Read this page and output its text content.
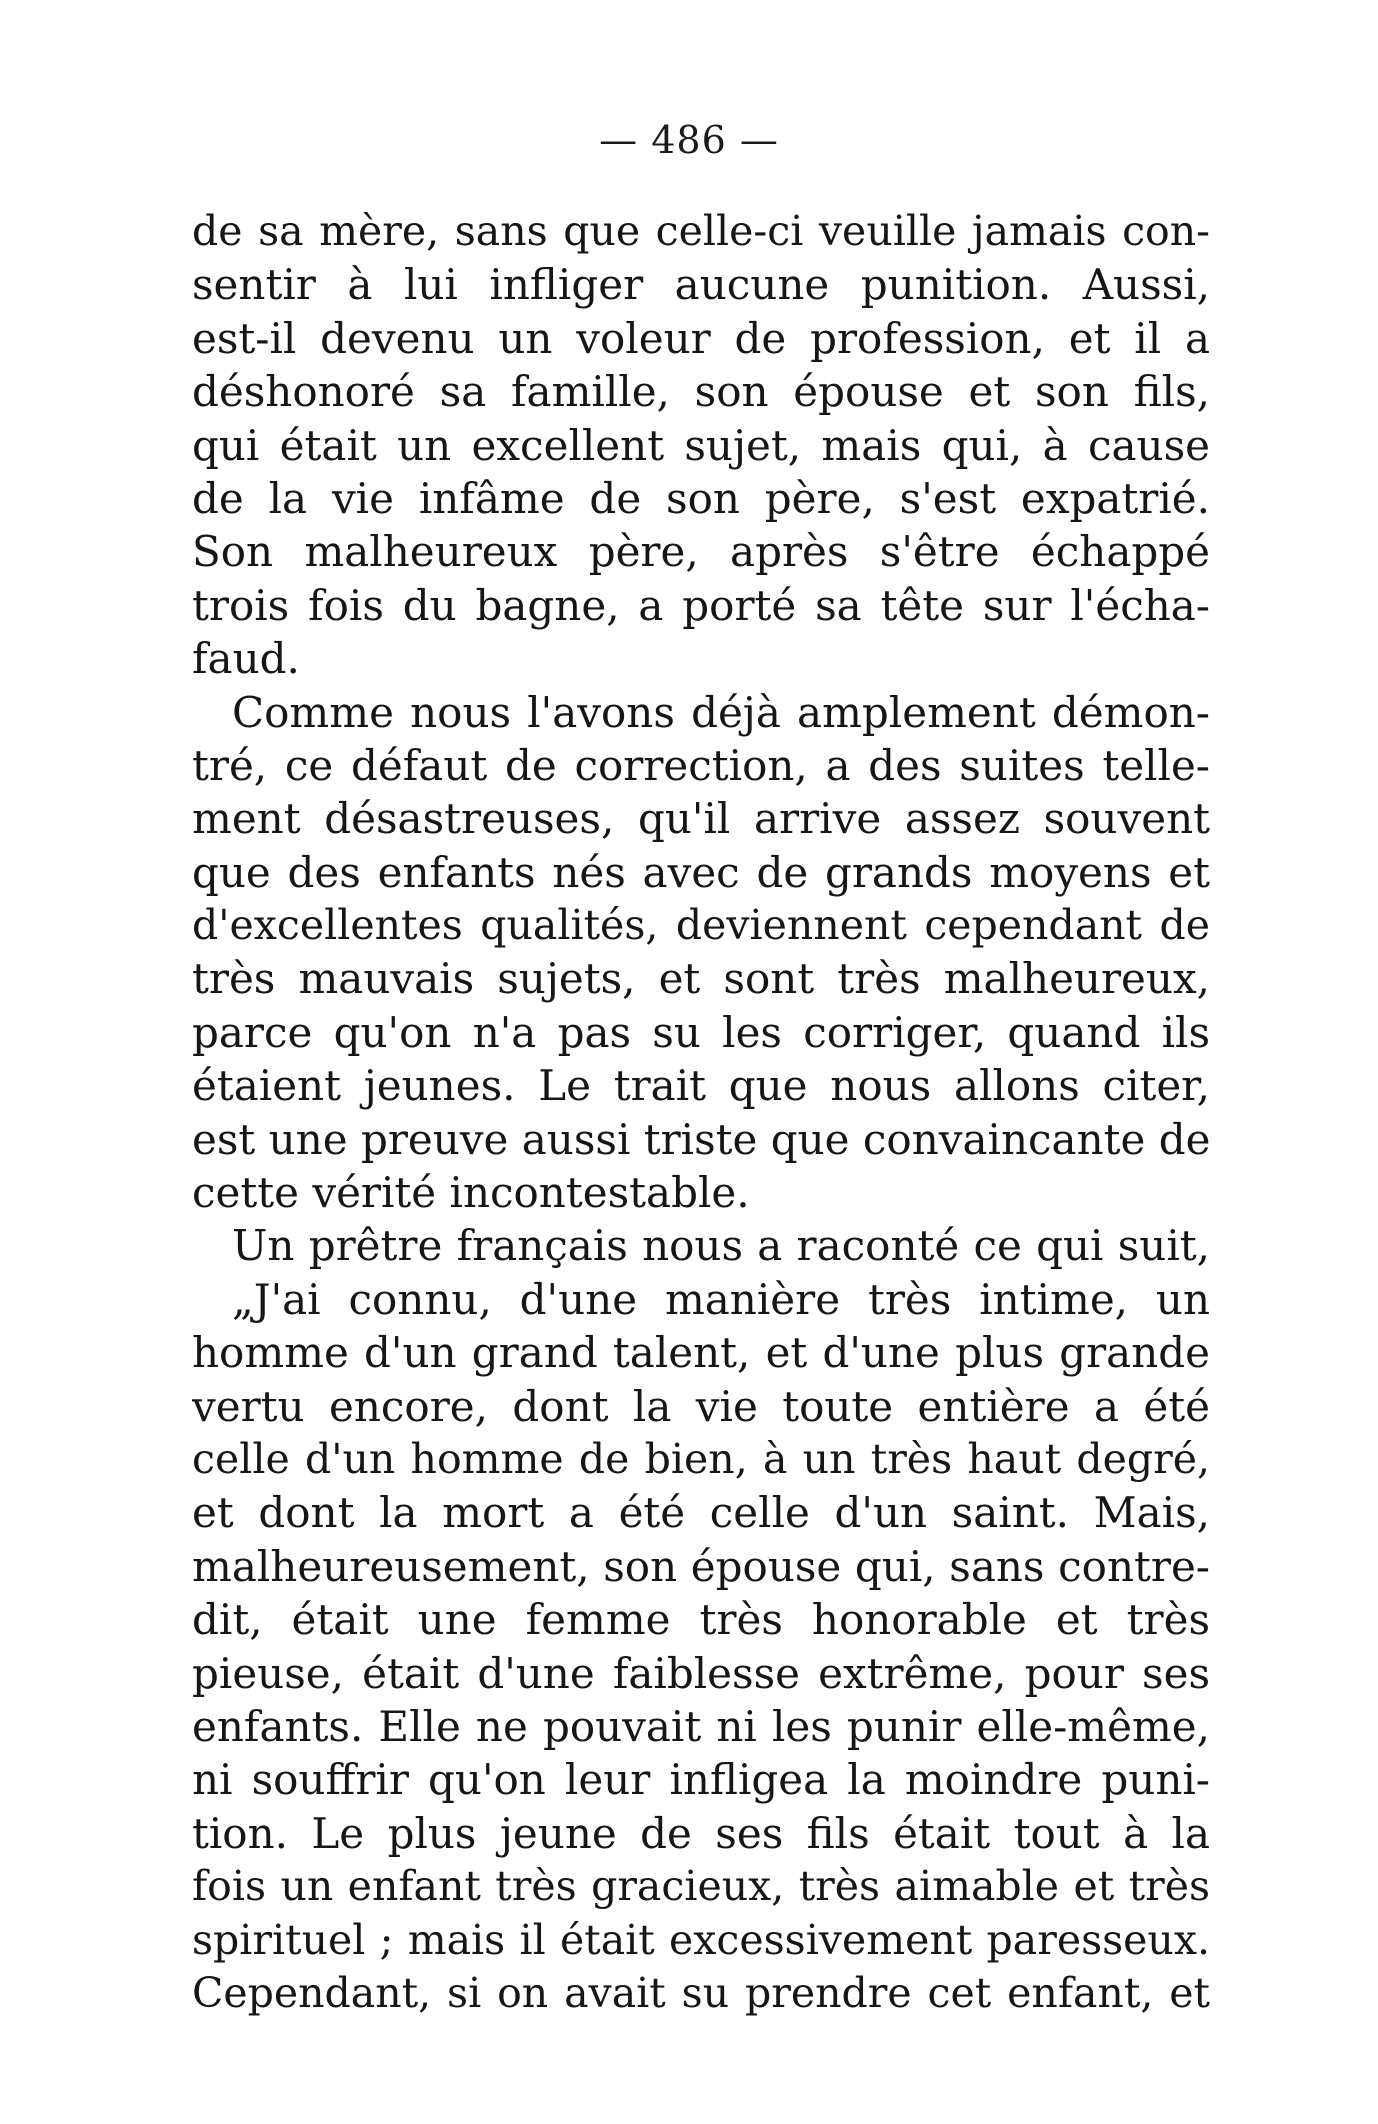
— 486 —
de sa mère, sans que celle-ci veuille jamais con-
sentir à lui infliger aucune punition. Aussi,
est-il devenu un voleur de profession, et il a
déshonoré sa famille, son épouse et son fils,
qui était un excellent sujet, mais qui, à cause
de la vie infâme de son père, s'est expatrié.
Son malheureux père, après s'être échappé
trois fois du bagne, a porté sa tête sur l'écha-
faud.
Comme nous l'avons déjà amplement démon-
tré, ce défaut de correction, a des suites telle-
ment désastreuses, qu'il arrive assez souvent
que des enfants nés avec de grands moyens et
d'excellentes qualités, deviennent cependant de
très mauvais sujets, et sont très malheureux,
parce qu'on n'a pas su les corriger, quand ils
étaient jeunes. Le trait que nous allons citer,
est une preuve aussi triste que convaincante de
cette vérité incontestable.
Un prêtre français nous a raconté ce qui suit,
„J'ai connu, d'une manière très intime, un
homme d'un grand talent, et d'une plus grande
vertu encore, dont la vie toute entière a été
celle d'un homme de bien, à un très haut degré,
et dont la mort a été celle d'un saint. Mais,
malheureusement, son épouse qui, sans contre-
dit, était une femme très honorable et très
pieuse, était d'une faiblesse extrême, pour ses
enfants. Elle ne pouvait ni les punir elle-même,
ni souffrir qu'on leur infligea la moindre puni-
tion. Le plus jeune de ses fils était tout à la
fois un enfant très gracieux, très aimable et très
spirituel ; mais il était excessivement paresseux.
Cependant, si on avait su prendre cet enfant, et
